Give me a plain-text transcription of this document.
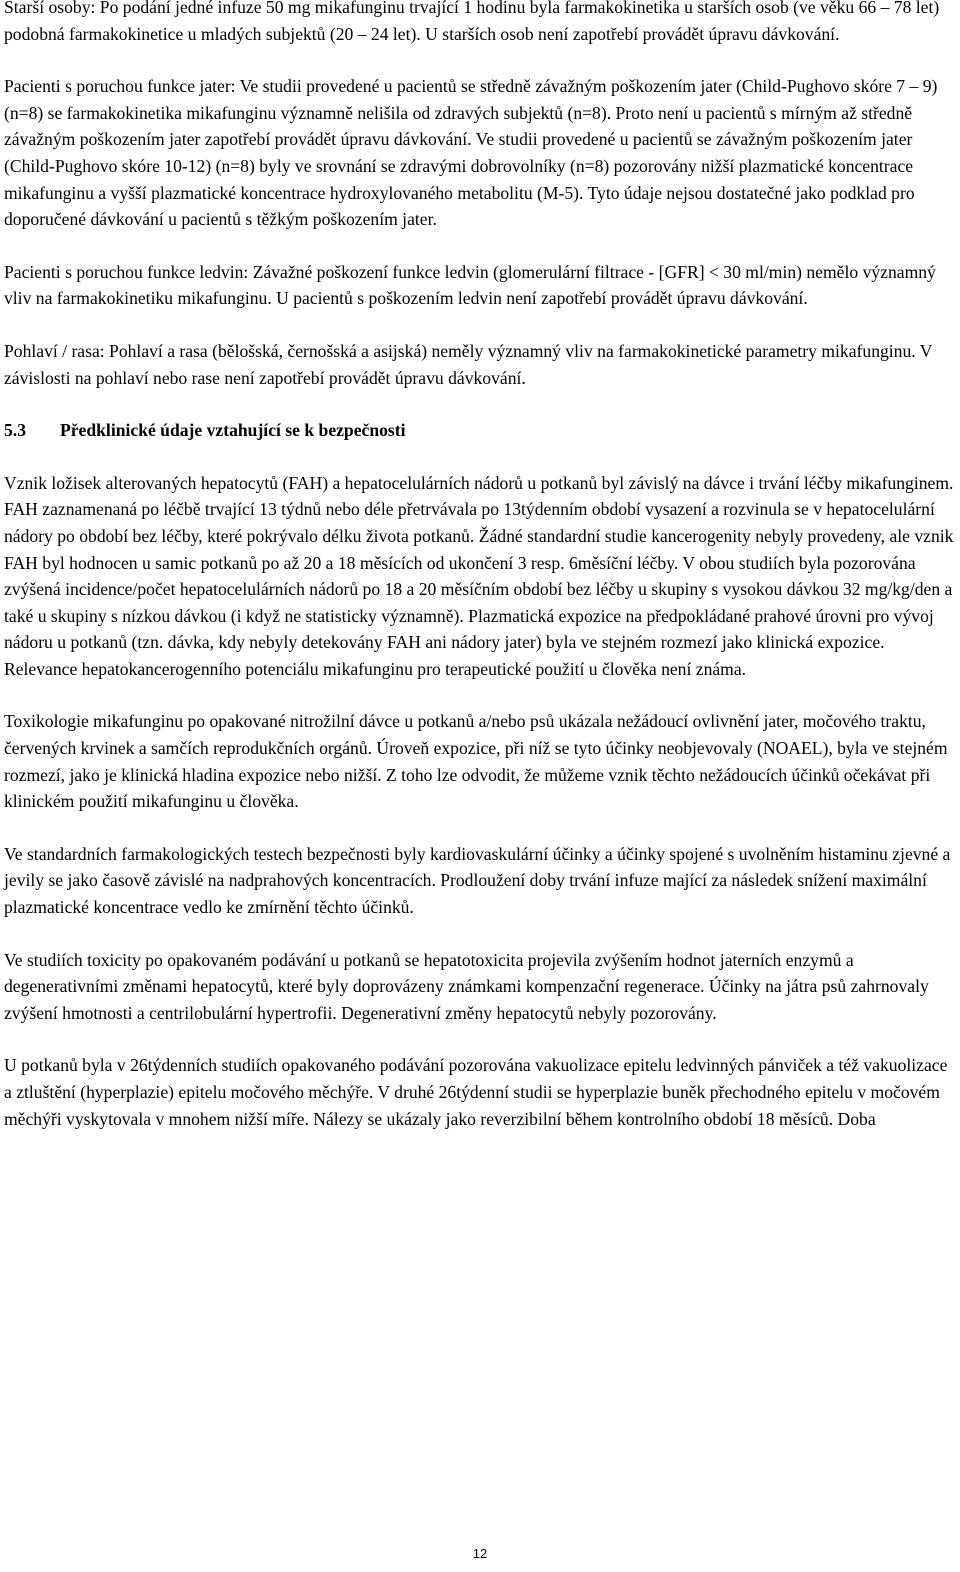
Starší osoby: Po podání jedné infuze 50 mg mikafunginu trvající 1 hodinu byla farmakokinetika u starších osob (ve věku 66 – 78 let) podobná farmakokinetice u mladých subjektů (20 – 24 let). U starších osob není zapotřebí provádět úpravu dávkování.

Pacienti s poruchou funkce jater: Ve studii provedené u pacientů se středně závažným poškozením jater (Child-Pughovo skóre 7 – 9) (n=8) se farmakokinetika mikafunginu významně nelišila od zdravých subjektů (n=8). Proto není u pacientů s mírným až středně závažným poškozením jater zapotřebí provádět úpravu dávkování. Ve studii provedené u pacientů se závažným poškozením jater (Child-Pughovo skóre 10-12) (n=8) byly ve srovnání se zdravými dobrovolníky (n=8) pozorovány nižší plazmatické koncentrace mikafunginu a vyšší plazmatické koncentrace hydroxylovaného metabolitu (M-5). Tyto údaje nejsou dostatečné jako podklad pro doporučené dávkování u pacientů s těžkým poškozením jater.

Pacienti s poruchou funkce ledvin: Závažné poškození funkce ledvin (glomerulární filtrace - [GFR] < 30 ml/min) nemělo významný vliv na farmakokinetiku mikafunginu. U pacientů s poškozením ledvin není zapotřebí provádět úpravu dávkování.

Pohlaví / rasa: Pohlaví a rasa (bělošská, černošská a asijská) neměly významný vliv na farmakokinetické parametry mikafunginu. V závislosti na pohlaví nebo rase není zapotřebí provádět úpravu dávkování.

5.3 Předklinické údaje vztahující se k bezpečnosti

Vznik ložisek alterovaných hepatocytů (FAH) a hepatocelulárních nádorů u potkanů byl závislý na dávce i trvání léčby mikafunginem. FAH zaznamenaná po léčbě trvající 13 týdnů nebo déle přetrvávala po 13týdenním období vysazení a rozvinula se v hepatocelulární nádory po období bez léčby, které pokrývalo délku života potkanů. Žádné standardní studie kancerogenity nebyly provedeny, ale vznik FAH byl hodnocen u samic potkanů po až 20 a 18 měsících od ukončení 3 resp. 6měsíční léčby. V obou studiích byla pozorována zvýšená incidence/počet hepatocelulárních nádorů po 18 a 20 měsíčním období bez léčby u skupiny s vysokou dávkou 32 mg/kg/den a také u skupiny s nízkou dávkou (i když ne statisticky významně). Plazmatická expozice na předpokládané prahové úrovni pro vývoj nádoru u potkanů (tzn. dávka, kdy nebyly detekovány FAH ani nádory jater) byla ve stejném rozmezí jako klinická expozice. Relevance hepatokancerogenního potenciálu mikafunginu pro terapeutické použití u člověka není známa.

Toxikologie mikafunginu po opakované nitrožilní dávce u potkanů a/nebo psů ukázala nežádoucí ovlivnění jater, močového traktu, červených krvinek a samčích reprodukčních orgánů. Úroveň expozice, při níž se tyto účinky neobjevovaly (NOAEL), byla ve stejném rozmezí, jako je klinická hladina expozice nebo nižší. Z toho lze odvodit, že můžeme vznik těchto nežádoucích účinků očekávat při klinickém použití mikafunginu u člověka.

Ve standardních farmakologických testech bezpečnosti byly kardiovaskulární účinky a účinky spojené s uvolněním histaminu zjevné a jevily se jako časově závislé na nadprahových koncentracích. Prodloužení doby trvání infuze mající za následek snížení maximální plazmatické koncentrace vedlo ke zmírnění těchto účinků.

Ve studiích toxicity po opakovaném podávání u potkanů se hepatotoxicita projevila zvýšením hodnot jaterních enzymů a degenerativními změnami hepatocytů, které byly doprovázeny známkami kompenzační regenerace. Účinky na játra psů zahrnovaly zvýšení hmotnosti a centrilobulární hypertrofii. Degenerativní změny hepatocytů nebyly pozorovány.

U potkanů byla v 26týdenních studiích opakovaného podávání pozorována vakuolizace epitelu ledvinných pánviček a též vakuolizace a ztluštění (hyperplazie) epitelu močového měchýře. V druhé 26týdenní studii se hyperplazie buněk přechodného epitelu v močovém měchýři vyskytovala v mnohem nižší míře. Nálezy se ukázaly jako reverzibilní během kontrolního období 18 měsíců. Doba

12
